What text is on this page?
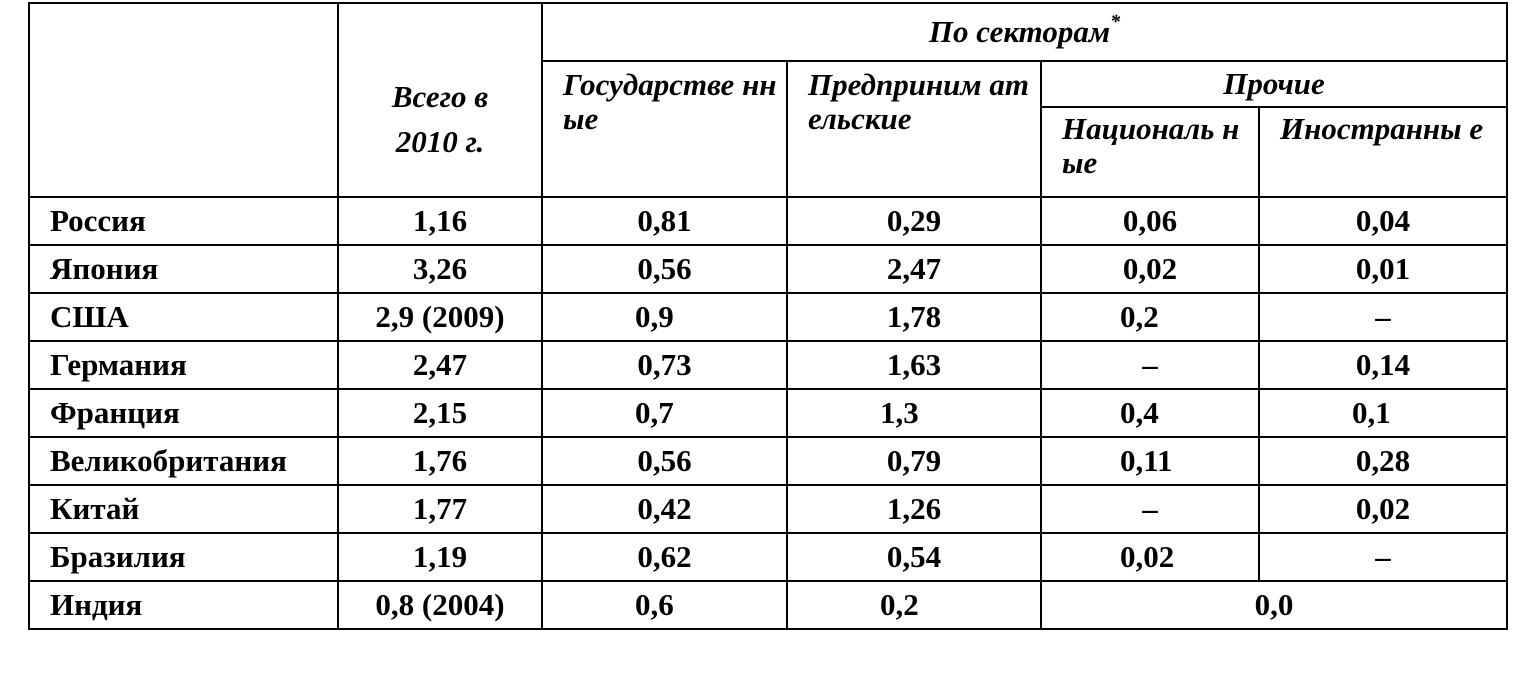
	Всего в 2010 г.	По секторам*
		Государстве нные	Предприним ательские	Прочие	
				Националь ные	Иностранны е
Россия	1,16	0,81	0,29	0,06	0,04
Япония	3,26	0,56	2,47	0,02	0,01
США	2,9 (2009)	0,9	1,78	0,2	–
Германия	2,47	0,73	1,63	–	0,14
Франция	2,15	0,7	1,3	0,4	0,1
Великобритания	1,76	0,56	0,79	0,11	0,28
Китай	1,77	0,42	1,26	–	0,02
Бразилия	1,19	0,62	0,54	0,02	–
Индия	0,8 (2004)	0,6	0,2	0,0	
